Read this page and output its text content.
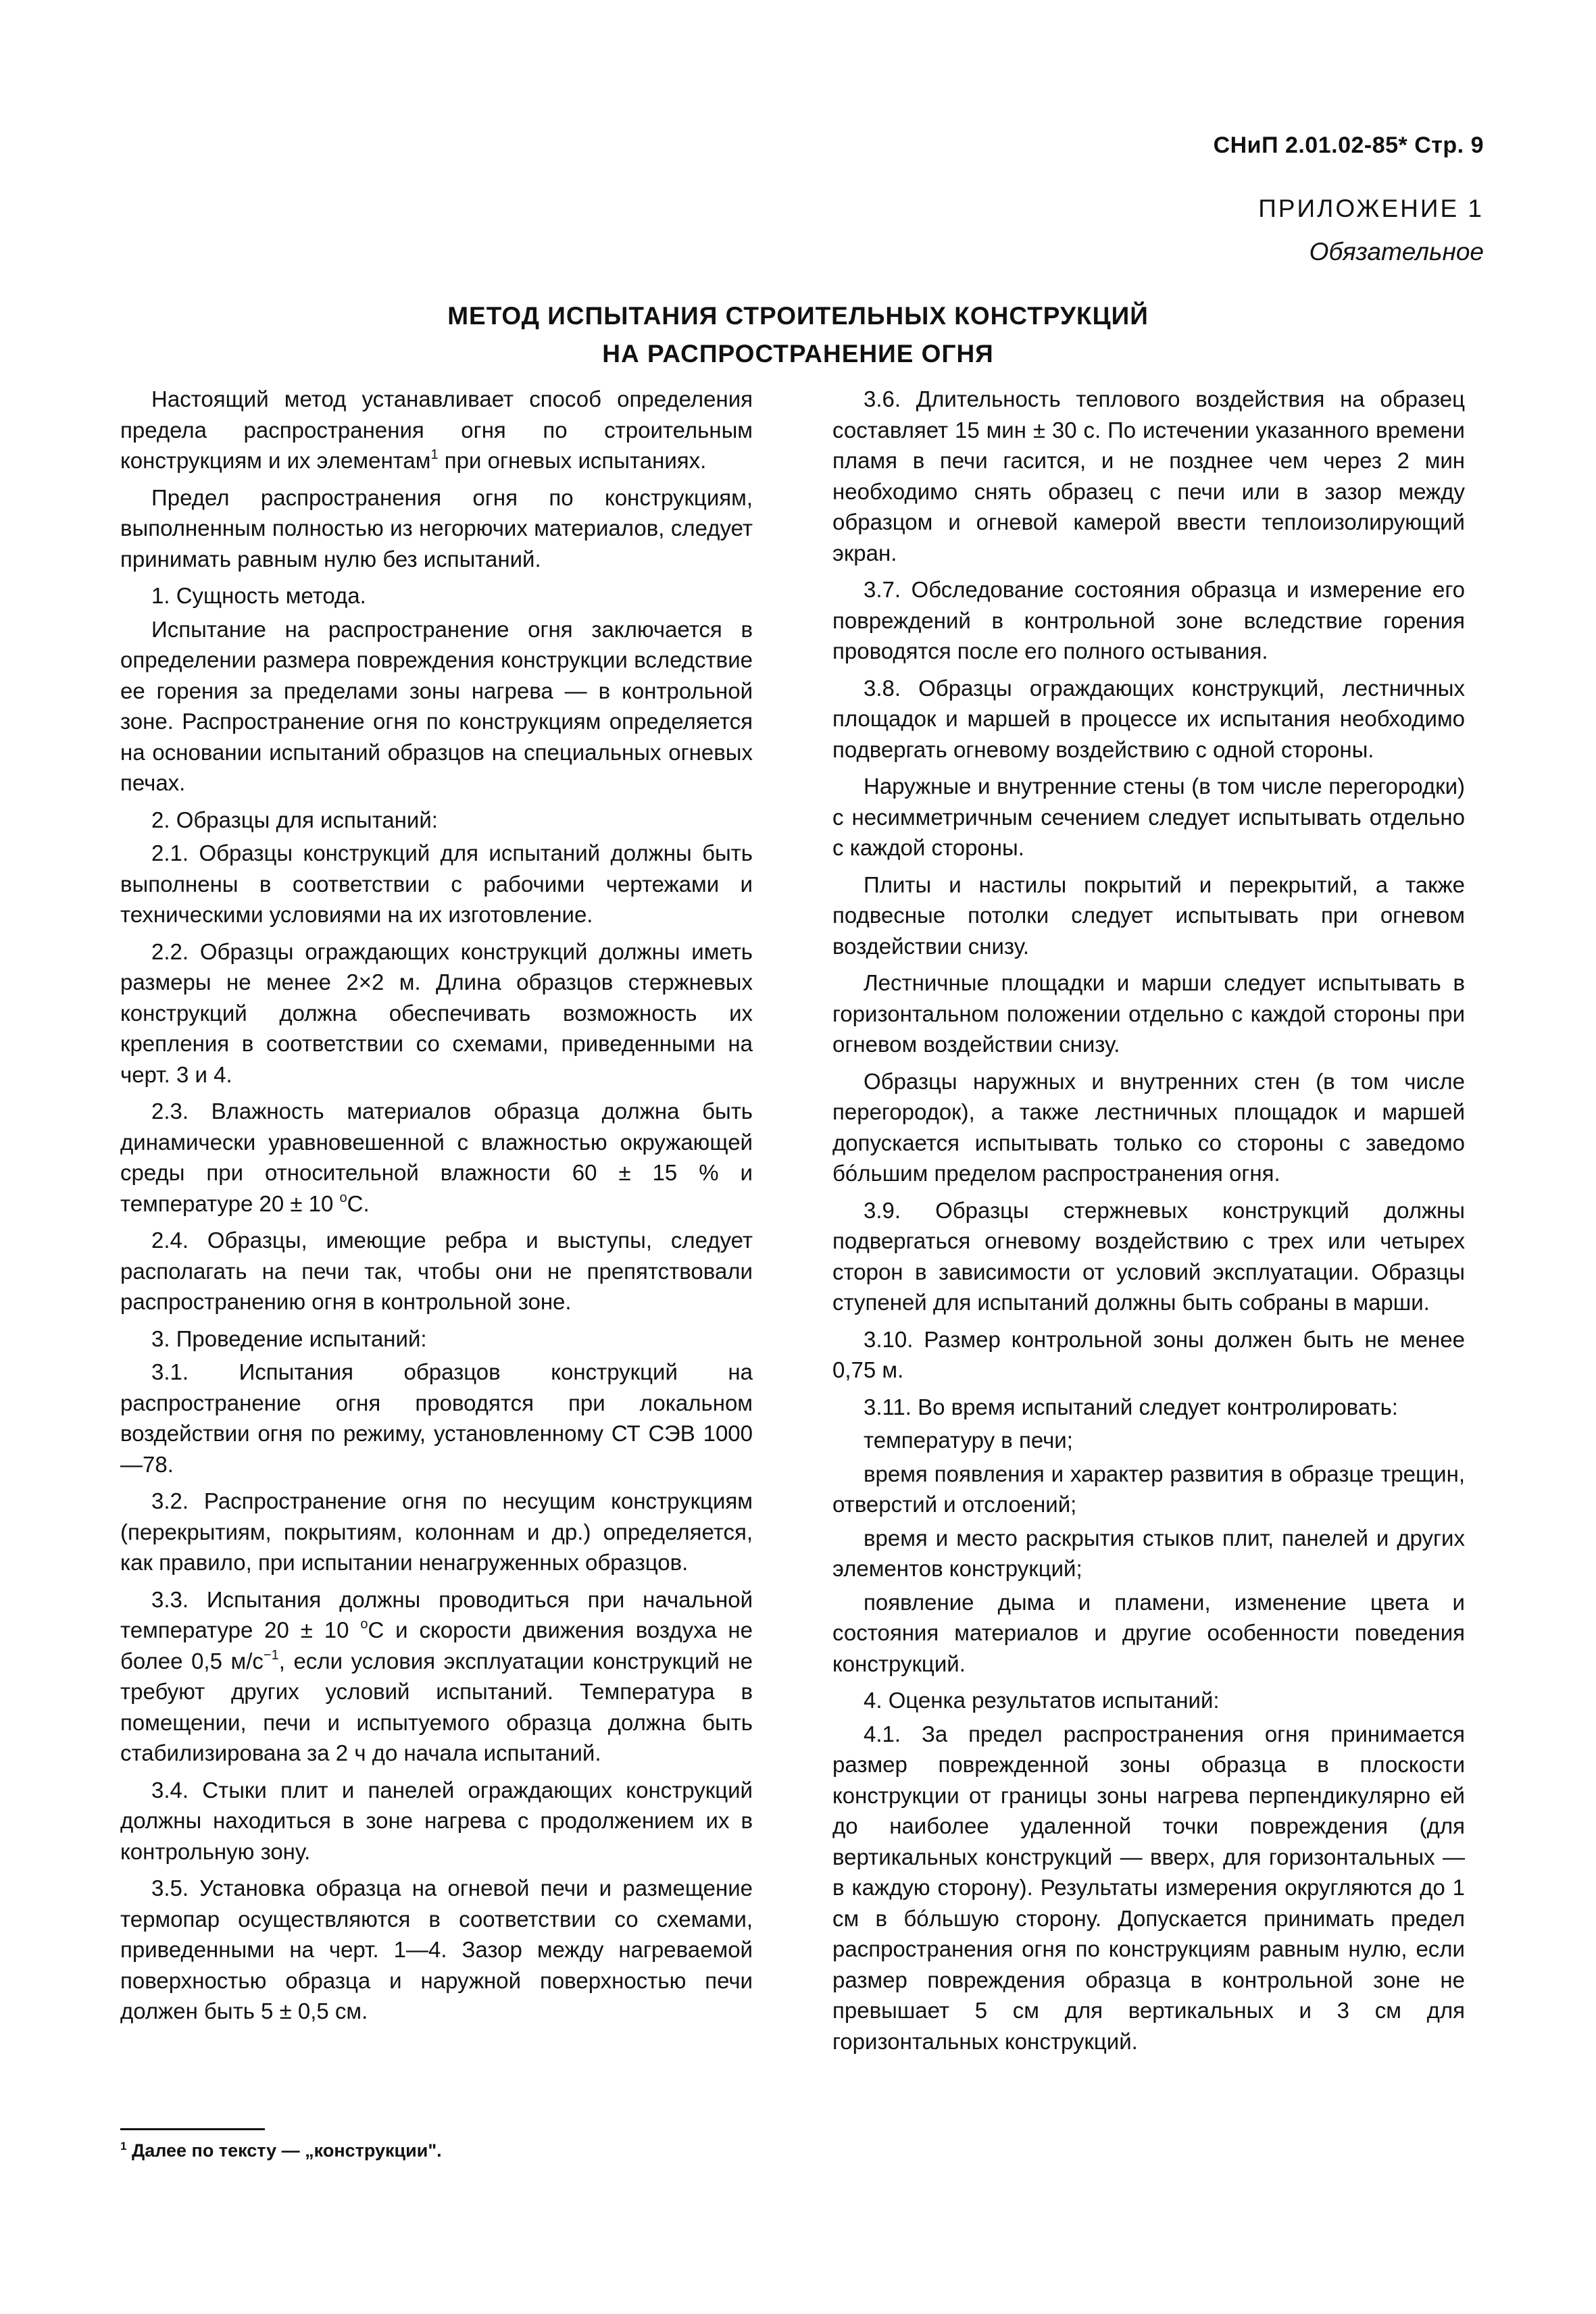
СНиП 2.01.02-85* Стр. 9
ПРИЛОЖЕНИЕ 1
Обязательное
МЕТОД ИСПЫТАНИЯ СТРОИТЕЛЬНЫХ КОНСТРУКЦИЙ
НА РАСПРОСТРАНЕНИЕ ОГНЯ

Настоящий метод устанавливает способ определения предела распространения огня по строительным конструкциям и их элементам$^1$ при огневых испытаниях.

Предел распространения огня по конструкциям, выполненным полностью из негорючих материалов, следует принимать равным нулю без испытаний.

1. Сущность метода.

Испытание на распространение огня заключается в определении размера повреждения конструкции вследствие ее горения за пределами зоны нагрева — в контрольной зоне. Распространение огня по конструкциям определяется на основании испытаний образцов на специальных огневых печах.

2. Образцы для испытаний:

2.1. Образцы конструкций для испытаний должны быть выполнены в соответствии с рабочими чертежами и техническими условиями на их изготовление.

2.2. Образцы ограждающих конструкций должны иметь размеры не менее 2×2 м. Длина образцов стержневых конструкций должна обеспечивать возможность их крепления в соответствии со схемами, приведенными на черт. 3 и 4.

2.3. Влажность материалов образца должна быть динамически уравновешенной с влажностью окружающей среды при относительной влажности 60 ± 15 % и температуре 20 ± 10 $^о$С.

2.4. Образцы, имеющие ребра и выступы, следует располагать на печи так, чтобы они не препятствовали распространению огня в контрольной зоне.

3. Проведение испытаний:

3.1. Испытания образцов конструкций на распространение огня проводятся при локальном воздействии огня по режиму, установленному СТ СЭВ 1000—78.

3.2. Распространение огня по несущим конструкциям (перекрытиям, покрытиям, колоннам и др.) определяется, как правило, при испытании ненагруженных образцов.

3.3. Испытания должны проводиться при начальной температуре 20 ± 10 $^о$С и скорости движения воздуха не более 0,5 $м/с^{-1}$, если условия эксплуатации конструкций не требуют других условий испытаний. Температура в помещении, печи и испытуемого образца должна быть стабилизирована за 2 ч до начала испытаний.

3.4. Стыки плит и панелей ограждающих конструкций должны находиться в зоне нагрева с продолжением их в контрольную зону.

3.5. Установка образца на огневой печи и размещение термопар осуществляются в соответствии со схемами, приведенными на черт. 1—4. Зазор между нагреваемой поверхностью образца и наружной поверхностью печи должен быть 5 ± 0,5 см.

3.6. Длительность теплового воздействия на образец составляет 15 мин ± 30 с. По истечении указанного времени пламя в печи гасится, и не позднее чем через 2 мин необходимо снять образец с печи или в зазор между образцом и огневой камерой ввести теплоизолирующий экран.

3.7. Обследование состояния образца и измерение его повреждений в контрольной зоне вследствие горения проводятся после его полного остывания.

3.8. Образцы ограждающих конструкций, лестничных площадок и маршей в процессе их испытания необходимо подвергать огневому воздействию с одной стороны.

Наружные и внутренние стены (в том числе перегородки) с несимметричным сечением следует испытывать отдельно с каждой стороны.

Плиты и настилы покрытий и перекрытий, а также подвесные потолки следует испытывать при огневом воздействии снизу.

Лестничные площадки и марши следует испытывать в горизонтальном положении отдельно с каждой стороны при огневом воздействии снизу.

Образцы наружных и внутренних стен (в том числе перегородок), а также лестничных площадок и маршей допускается испытывать только со стороны с заведомо бóльшим пределом распространения огня.

3.9. Образцы стержневых конструкций должны подвергаться огневому воздействию с трех или четырех сторон в зависимости от условий эксплуатации. Образцы ступеней для испытаний должны быть собраны в марши.

3.10. Размер контрольной зоны должен быть не менее 0,75 м.

3.11. Во время испытаний следует контролировать:

температуру в печи;

время появления и характер развития в образце трещин, отверстий и отслоений;

время и место раскрытия стыков плит, панелей и других элементов конструкций;

появление дыма и пламени, изменение цвета и состояния материалов и другие особенности поведения конструкций.

4. Оценка результатов испытаний:

4.1. За предел распространения огня принимается размер поврежденной зоны образца в плоскости конструкции от границы зоны нагрева перпендикулярно ей до наиболее удаленной точки повреждения (для вертикальных конструкций — вверх, для горизонтальных — в каждую сторону). Результаты измерения округляются до 1 см в бóльшую сторону. Допускается принимать предел распространения огня по конструкциям равным нулю, если размер повреждения образца в контрольной зоне не превышает 5 см для вертикальных и 3 см для горизонтальных конструкций.

$^1$ Далее по тексту — „конструкции".
